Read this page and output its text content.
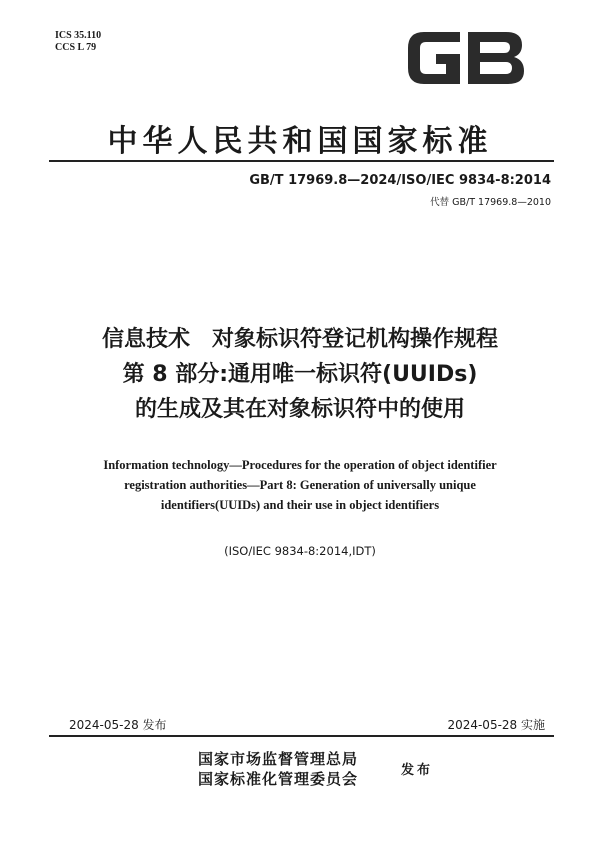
ICS 35.110
CCS L 79
中华人民共和国国家标准
GB/T 17969.8—2024/ISO/IEC 9834-8:2014
代替 GB/T 17969.8—2010
信息技术　对象标识符登记机构操作规程
第 8 部分:通用唯一标识符(UUIDs)
的生成及其在对象标识符中的使用
Information technology—Procedures for the operation of object identifier
registration authorities—Part 8: Generation of universally unique
identifiers(UUIDs) and their use in object identifiers
(ISO/IEC 9834-8:2014,IDT)
2024-05-28 发布	2024-05-28 实施
国家市场监督管理总局
国家标准化管理委员会	发布
